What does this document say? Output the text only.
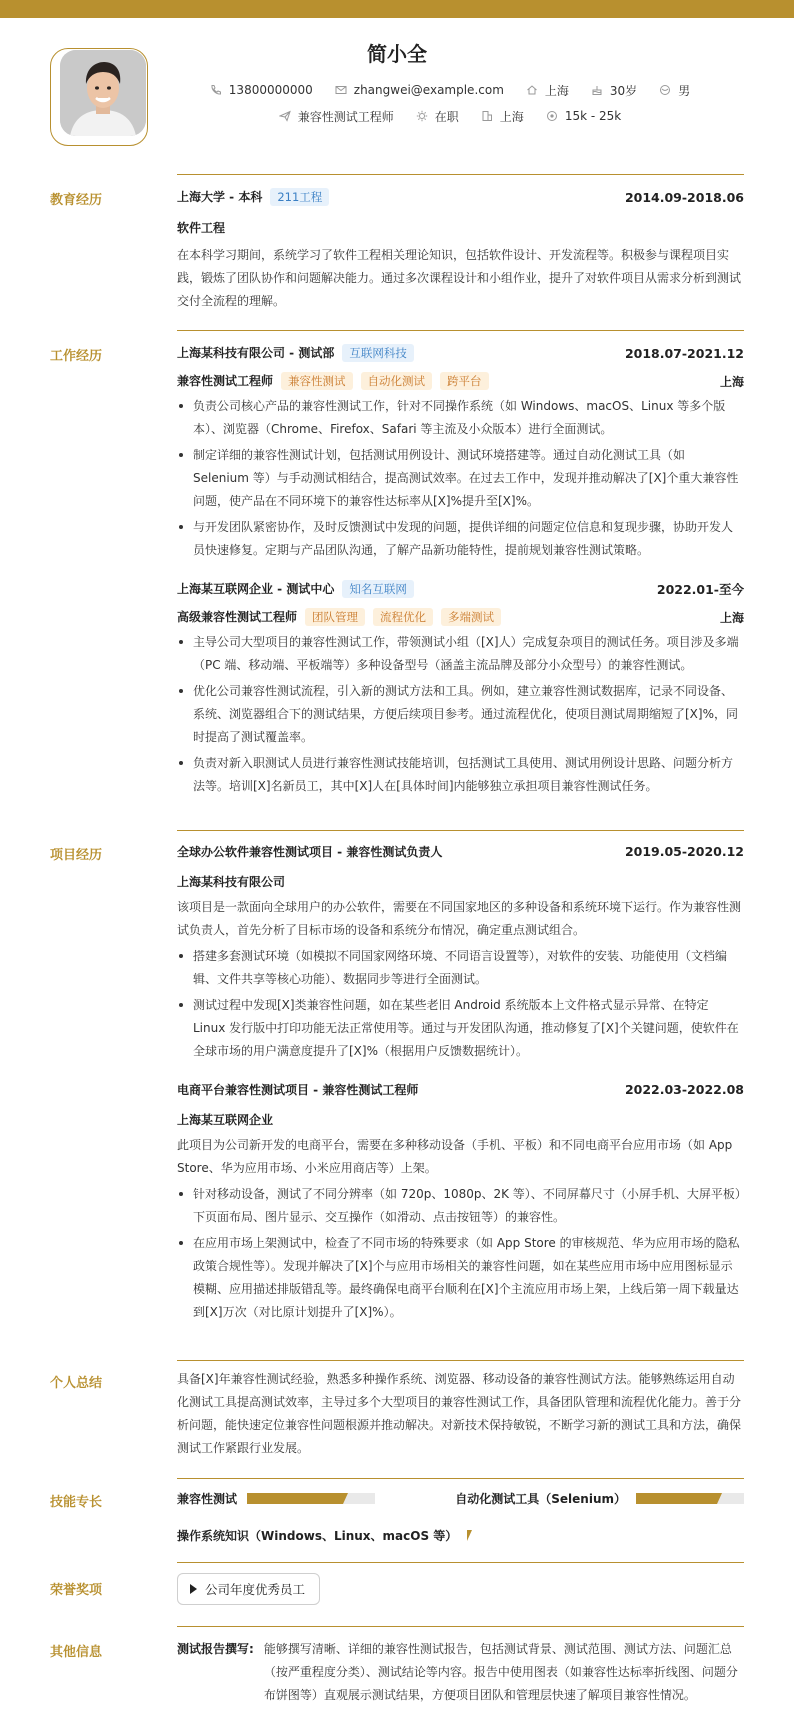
简小全
13800000000	zhangwei@example.com	上海	30岁	男
兼容性测试工程师	在职	上海	15k - 25k
教育经历	上海大学 - 本科 211工程	2014.09-2018.06
软件工程
在本科学习期间，系统学习了软件工程相关理论知识，包括软件设计、开发流程等。积极参与课程项目实践，锻炼了团队协作和问题解决能力。通过多次课程设计和小组作业，提升了对软件项目从需求分析到测试交付全流程的理解。
工作经历	上海某科技有限公司 - 测试部 互联网科技	2018.07-2021.12
兼容性测试工程师 兼容性测试 自动化测试 跨平台	上海
负责公司核心产品的兼容性测试工作，针对不同操作系统（如 Windows、macOS、Linux 等多个版本）、浏览器（Chrome、Firefox、Safari 等主流及小众版本）进行全面测试。
制定详细的兼容性测试计划，包括测试用例设计、测试环境搭建等。通过自动化测试工具（如 Selenium 等）与手动测试相结合，提高测试效率。在过去工作中，发现并推动解决了[X]个重大兼容性问题，使产品在不同环境下的兼容性达标率从[X]%提升至[X]%。
与开发团队紧密协作，及时反馈测试中发现的问题，提供详细的问题定位信息和复现步骤，协助开发人员快速修复。定期与产品团队沟通，了解产品新功能特性，提前规划兼容性测试策略。
上海某互联网企业 - 测试中心 知名互联网	2022.01-至今
高级兼容性测试工程师 团队管理 流程优化 多端测试	上海
主导公司大型项目的兼容性测试工作，带领测试小组（[X]人）完成复杂项目的测试任务。项目涉及多端（PC 端、移动端、平板端等）多种设备型号（涵盖主流品牌及部分小众型号）的兼容性测试。
优化公司兼容性测试流程，引入新的测试方法和工具。例如，建立兼容性测试数据库，记录不同设备、系统、浏览器组合下的测试结果，方便后续项目参考。通过流程优化，使项目测试周期缩短了[X]%，同时提高了测试覆盖率。
负责对新入职测试人员进行兼容性测试技能培训，包括测试工具使用、测试用例设计思路、问题分析方法等。培训[X]名新员工，其中[X]人在[具体时间]内能够独立承担项目兼容性测试任务。
项目经历	全球办公软件兼容性测试项目 - 兼容性测试负责人	2019.05-2020.12
上海某科技有限公司
该项目是一款面向全球用户的办公软件，需要在不同国家地区的多种设备和系统环境下运行。作为兼容性测试负责人，首先分析了目标市场的设备和系统分布情况，确定重点测试组合。
搭建多套测试环境（如模拟不同国家网络环境、不同语言设置等），对软件的安装、功能使用（文档编辑、文件共享等核心功能）、数据同步等进行全面测试。
测试过程中发现[X]类兼容性问题，如在某些老旧 Android 系统版本上文件格式显示异常、在特定 Linux 发行版中打印功能无法正常使用等。通过与开发团队沟通，推动修复了[X]个关键问题，使软件在全球市场的用户满意度提升了[X]%（根据用户反馈数据统计）。
电商平台兼容性测试项目 - 兼容性测试工程师	2022.03-2022.08
上海某互联网企业
此项目为公司新开发的电商平台，需要在多种移动设备（手机、平板）和不同电商平台应用市场（如 App Store、华为应用市场、小米应用商店等）上架。
针对移动设备，测试了不同分辨率（如 720p、1080p、2K 等）、不同屏幕尺寸（小屏手机、大屏平板）下页面布局、图片显示、交互操作（如滑动、点击按钮等）的兼容性。
在应用市场上架测试中，检查了不同市场的特殊要求（如 App Store 的审核规范、华为应用市场的隐私政策合规性等）。发现并解决了[X]个与应用市场相关的兼容性问题，如在某些应用市场中应用图标显示模糊、应用描述排版错乱等。最终确保电商平台顺利在[X]个主流应用市场上架，上线后第一周下载量达到[X]万次（对比原计划提升了[X]%）。
个人总结	具备[X]年兼容性测试经验，熟悉多种操作系统、浏览器、移动设备的兼容性测试方法。能够熟练运用自动化测试工具提高测试效率，主导过多个大型项目的兼容性测试工作，具备团队管理和流程优化能力。善于分析问题，能快速定位兼容性问题根源并推动解决。对新技术保持敏锐，不断学习新的测试工具和方法，确保测试工作紧跟行业发展。
技能专长	兼容性测试	自动化测试工具（Selenium）
操作系统知识（Windows、Linux、macOS 等）
荣誉奖项	公司年度优秀员工
其他信息	测试报告撰写: 能够撰写清晰、详细的兼容性测试报告，包括测试背景、测试范围、测试方法、问题汇总（按严重程度分类）、测试结论等内容。报告中使用图表（如兼容性达标率折线图、问题分布饼图等）直观展示测试结果，方便项目团队和管理层快速了解项目兼容性情况。
